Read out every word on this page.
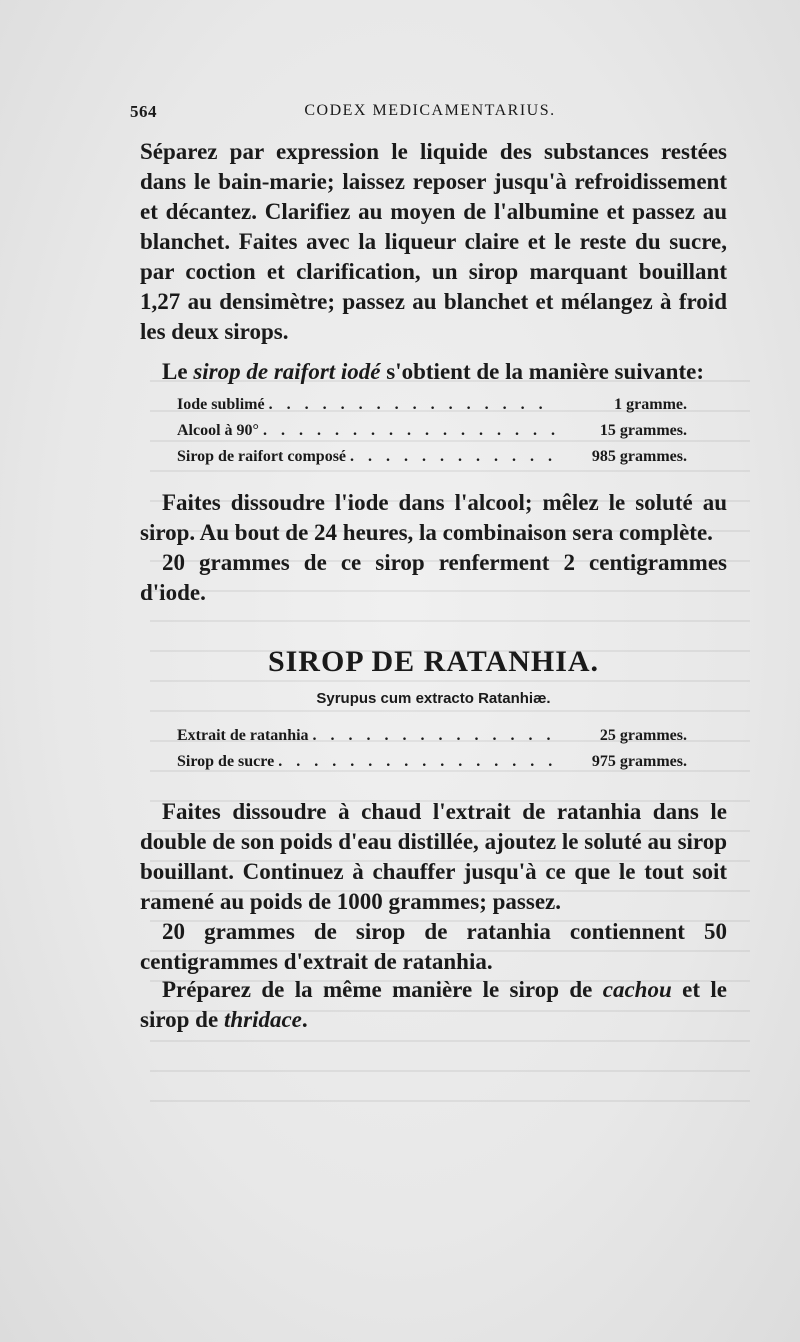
564	CODEX MEDICAMENTARIUS.

Séparez par expression le liquide des substances restées dans le bain-marie; laissez reposer jusqu'à refroidissement et décantez. Clarifiez au moyen de l'albumine et passez au blanchet. Faites avec la liqueur claire et le reste du sucre, par coction et clarification, un sirop marquant bouillant 1,27 au densimètre; passez au blanchet et mélangez à froid les deux sirops.

Le sirop de raifort iodé s'obtient de la manière suivante:

Iode sublimé . . .	1 gramme.
Alcool à 90° . . .	15 grammes.
Sirop de raifort composé . . .	985 grammes.
Faites dissoudre l'iode dans l'alcool; mêlez le soluté au sirop. Au bout de 24 heures, la combinaison sera complète.
20 grammes de ce sirop renferment 2 centigrammes d'iode.
SIROP DE RATANHIA.
Syrupus cum extracto Ratanhiæ.
Extrait de ratanhia . . .	25 grammes.
Sirop de sucre . . .	975 grammes.
Faites dissoudre à chaud l'extrait de ratanhia dans le double de son poids d'eau distillée, ajoutez le soluté au sirop bouillant. Continuez à chauffer jusqu'à ce que le tout soit ramené au poids de 1000 grammes; passez.
20 grammes de sirop de ratanhia contiennent 50 centigrammes d'extrait de ratanhia.

Préparez de la même manière le sirop de cachou et le sirop de thridace.
